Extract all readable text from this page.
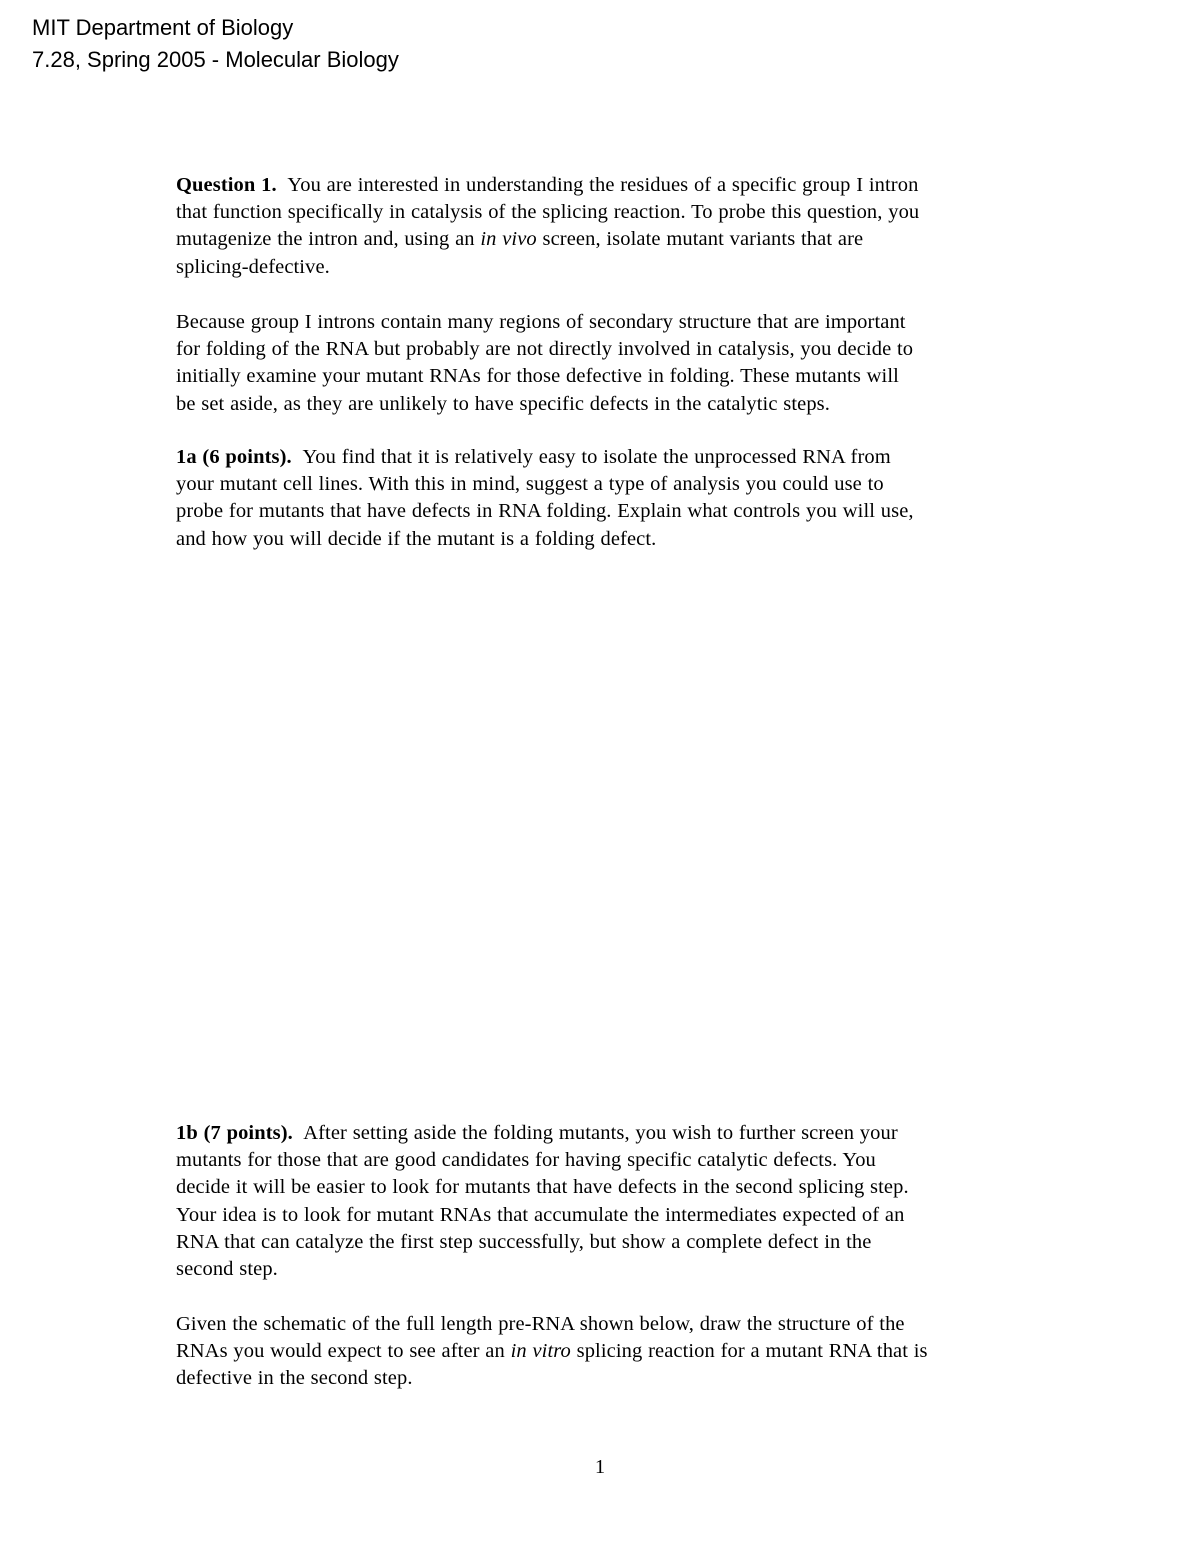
MIT Department of Biology
7.28, Spring 2005 - Molecular Biology
Question 1. You are interested in understanding the residues of a specific group I intron
that function specifically in catalysis of the splicing reaction. To probe this question, you
mutagenize the intron and, using an in vivo screen, isolate mutant variants that are
splicing-defective.
Because group I introns contain many regions of secondary structure that are important
for folding of the RNA but probably are not directly involved in catalysis, you decide to
initially examine your mutant RNAs for those defective in folding. These mutants will
be set aside, as they are unlikely to have specific defects in the catalytic steps.
1a (6 points). You find that it is relatively easy to isolate the unprocessed RNA from
your mutant cell lines. With this in mind, suggest a type of analysis you could use to
probe for mutants that have defects in RNA folding. Explain what controls you will use,
and how you will decide if the mutant is a folding defect.
1b (7 points). After setting aside the folding mutants, you wish to further screen your
mutants for those that are good candidates for having specific catalytic defects. You
decide it will be easier to look for mutants that have defects in the second splicing step.
Your idea is to look for mutant RNAs that accumulate the intermediates expected of an
RNA that can catalyze the first step successfully, but show a complete defect in the
second step.
Given the schematic of the full length pre-RNA shown below, draw the structure of the
RNAs you would expect to see after an in vitro splicing reaction for a mutant RNA that is
defective in the second step.
1
